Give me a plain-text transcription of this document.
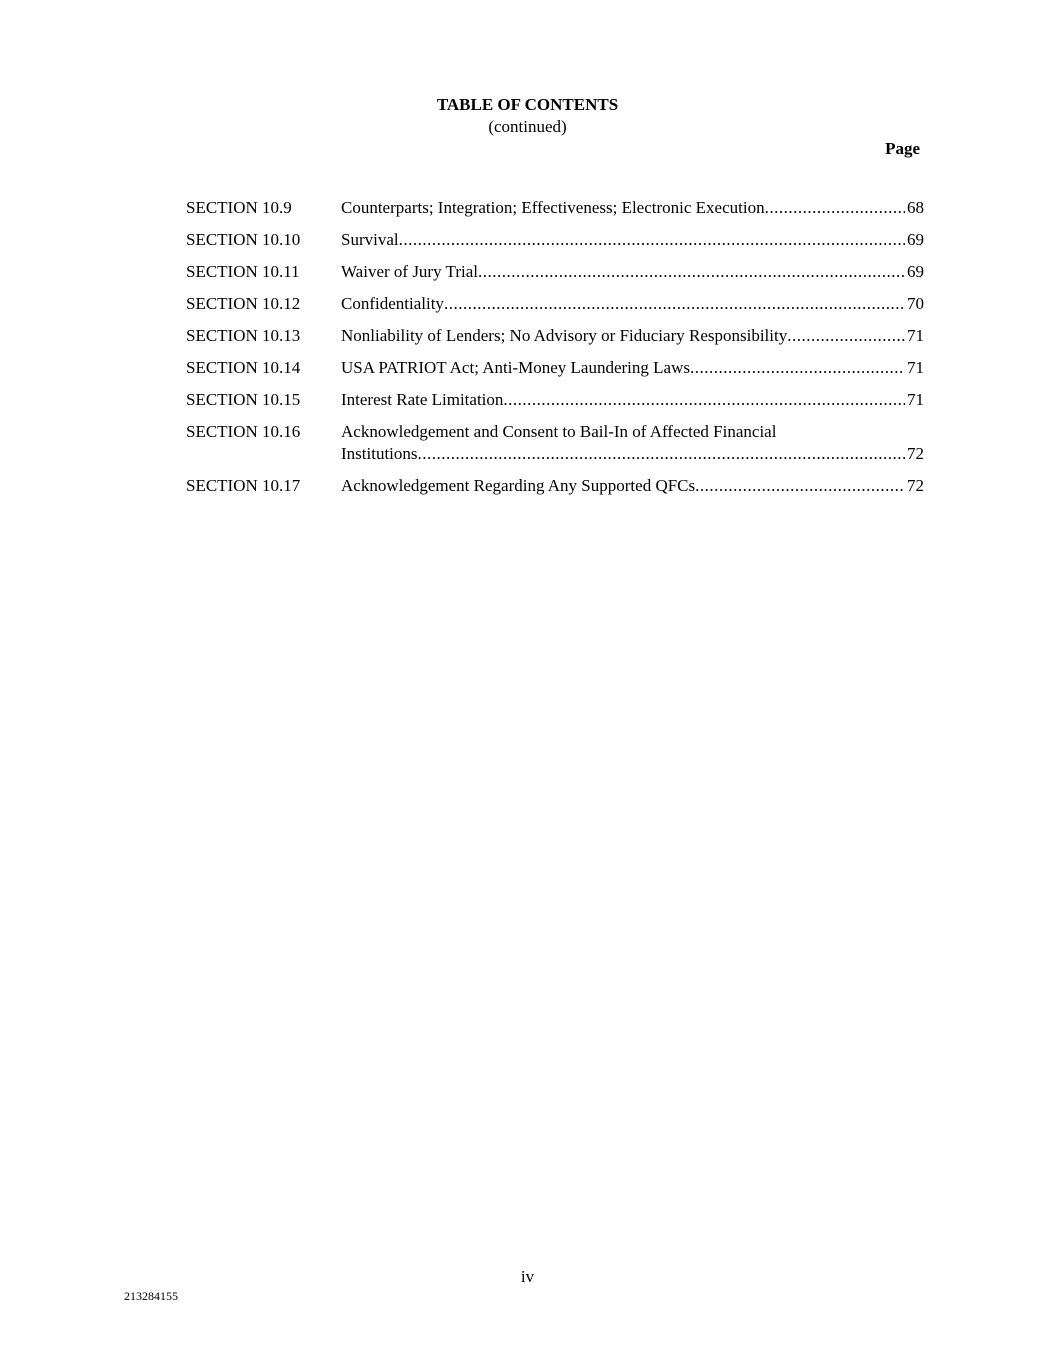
TABLE OF CONTENTS
(continued)
Page
SECTION 10.9	Counterparts; Integration; Effectiveness; Electronic Execution .....	68
SECTION 10.10	Survival .....	69
SECTION 10.11	Waiver of Jury Trial .....	69
SECTION 10.12	Confidentiality .....	70
SECTION 10.13	Nonliability of Lenders; No Advisory or Fiduciary Responsibility .....	71
SECTION 10.14	USA PATRIOT Act; Anti-Money Laundering Laws .....	71
SECTION 10.15	Interest Rate Limitation .....	71
SECTION 10.16	Acknowledgement and Consent to Bail-In of Affected Financial
Institutions .....	72
SECTION 10.17	Acknowledgement Regarding Any Supported QFCs .....	72
iv
213284155
